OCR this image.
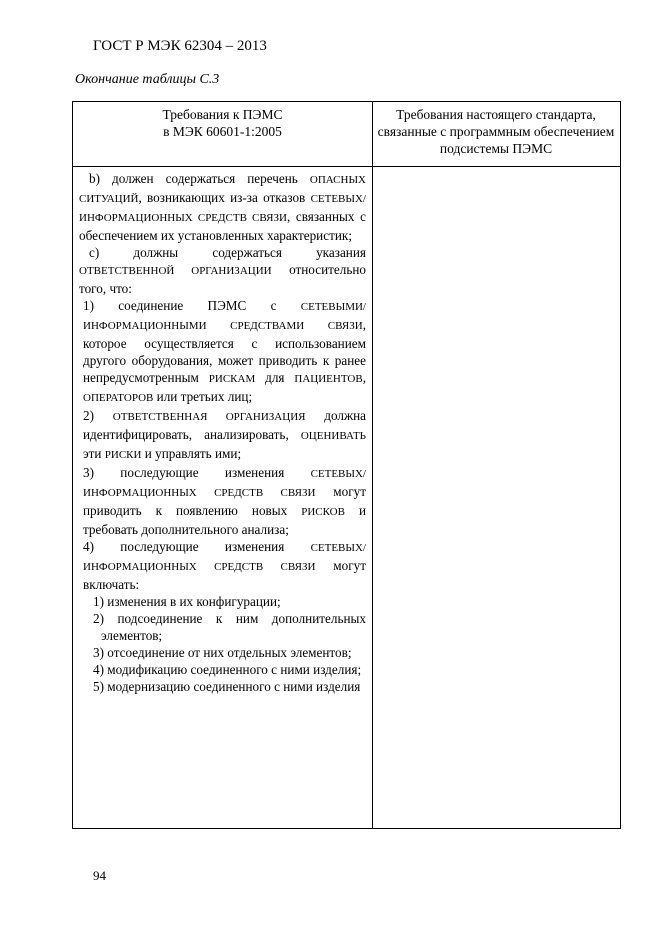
ГОСТ Р МЭК 62304 – 2013
Окончание таблицы С.3
Требования к ПЭМС
в МЭК 60601-1:2005
Требования настоящего стандарта, связанные с программным обеспечением подсистемы ПЭМС

b) должен содержаться перечень ОПАСНЫХ СИТУАЦИЙ, возникающих из-за отказов СЕТЕВЫХ/ ИНФОРМАЦИОННЫХ СРЕДСТВ СВЯЗИ, связанных с обеспечением их установленных характеристик;

c) должны содержаться указания ОТВЕТСТВЕННОЙ ОРГАНИЗАЦИИ относительно того, что:

1) соединение ПЭМС с СЕТЕВЫМИ/ ИНФОРМАЦИОННЫМИ СРЕДСТВАМИ СВЯЗИ, которое осуществляется с использованием другого оборудования, может приводить к ранее непредусмотренным РИСКАМ для ПАЦИЕНТОВ, ОПЕРАТОРОВ или третьих лиц;

2) ОТВЕТСТВЕННАЯ ОРГАНИЗАЦИЯ должна идентифицировать, анализировать, ОЦЕНИВАТЬ эти РИСКИ и управлять ими;

3) последующие изменения СЕТЕВЫХ/ИНФОРМАЦИОННЫХ СРЕДСТВ СВЯЗИ могут приводить к появлению новых РИСКОВ и требовать дополнительного анализа;

4) последующие изменения СЕТЕВЫХ/ИНФОРМАЦИОННЫХ СРЕДСТВ СВЯЗИ могут включать:

1) изменения в их конфигурации;

2) подсоединение к ним дополнительных элементов;

3) отсоединение от них отдельных элементов;

4) модификацию соединенного с ними изделия;

5) модернизацию соединенного с ними изделия

94
